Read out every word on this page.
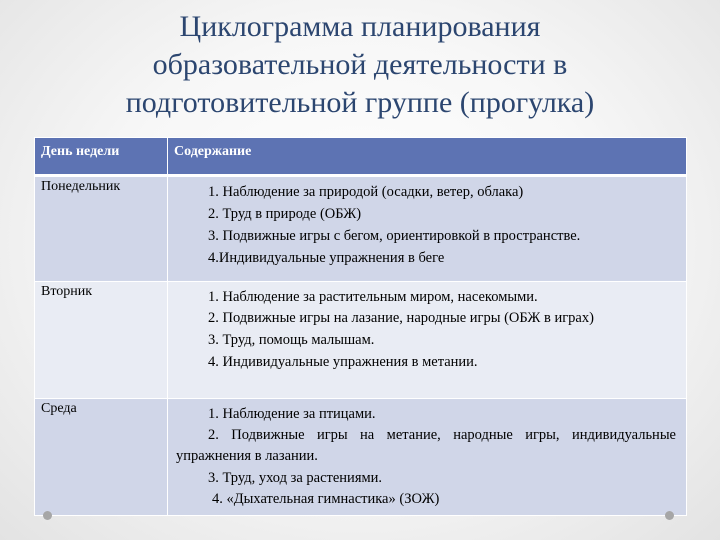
Циклограмма планирования
образовательной деятельности в
подготовительной группе (прогулка)
День недели	Содержание
Понедельник	1. Наблюдение за природой (осадки, ветер, облака)
2. Труд в природе (ОБЖ)
3. Подвижные игры с бегом, ориентировкой в пространстве.
4.Индивидуальные упражнения в беге

Вторник	1. Наблюдение за растительным миром, насекомыми.
2. Подвижные игры на лазание, народные игры (ОБЖ в играх)
3. Труд, помощь малышам.
4. Индивидуальные упражнения в метании.

Среда	1. Наблюдение за птицами.
2. Подвижные игры на метание, народные игры, индивидуальные упражнения в лазании.
3. Труд, уход за растениями.
4. «Дыхательная гимнастика» (ЗОЖ)
